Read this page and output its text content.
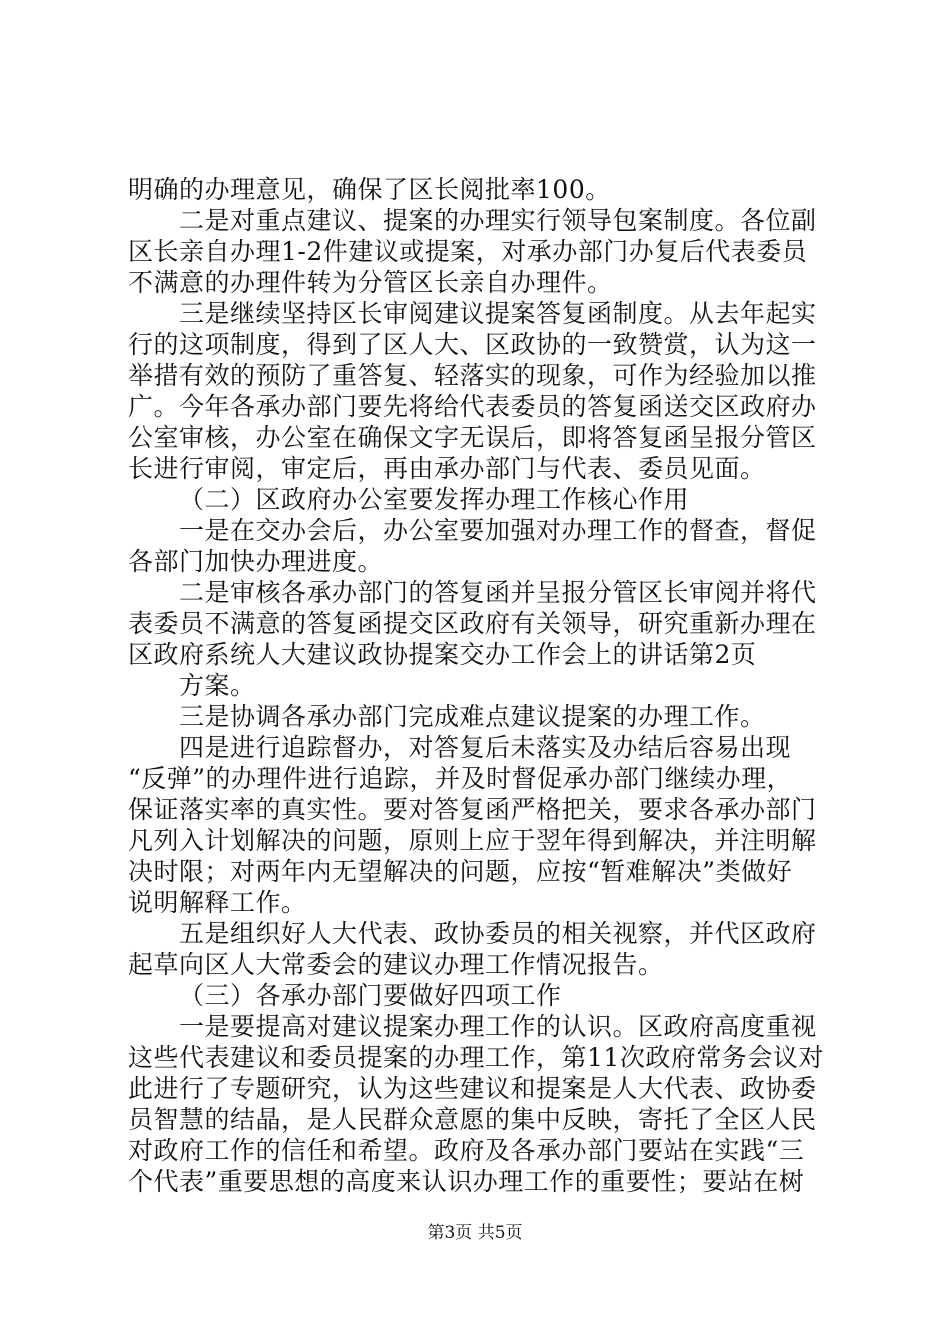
明确的办理意见，确保了区长阅批率100。
二是对重点建议、提案的办理实行领导包案制度。各位副
区长亲自办理1-2件建议或提案，对承办部门办复后代表委员
不满意的办理件转为分管区长亲自办理件。
三是继续坚持区长审阅建议提案答复函制度。从去年起实
行的这项制度，得到了区人大、区政协的一致赞赏，认为这一
举措有效的预防了重答复、轻落实的现象，可作为经验加以推
广。今年各承办部门要先将给代表委员的答复函送交区政府办
公室审核，办公室在确保文字无误后，即将答复函呈报分管区
长进行审阅，审定后，再由承办部门与代表、委员见面。
（二）区政府办公室要发挥办理工作核心作用
一是在交办会后，办公室要加强对办理工作的督查，督促
各部门加快办理进度。
二是审核各承办部门的答复函并呈报分管区长审阅并将代
表委员不满意的答复函提交区政府有关领导，研究重新办理在
区政府系统人大建议政协提案交办工作会上的讲话第2页
方案。
三是协调各承办部门完成难点建议提案的办理工作。
四是进行追踪督办，对答复后未落实及办结后容易出现
“反弹”的办理件进行追踪，并及时督促承办部门继续办理，
保证落实率的真实性。要对答复函严格把关，要求各承办部门
凡列入计划解决的问题，原则上应于翌年得到解决，并注明解
决时限；对两年内无望解决的问题，应按“暂难解决”类做好
说明解释工作。
五是组织好人大代表、政协委员的相关视察，并代区政府
起草向区人大常委会的建议办理工作情况报告。
（三）各承办部门要做好四项工作
一是要提高对建议提案办理工作的认识。区政府高度重视
这些代表建议和委员提案的办理工作，第11次政府常务会议对
此进行了专题研究，认为这些建议和提案是人大代表、政协委
员智慧的结晶，是人民群众意愿的集中反映，寄托了全区人民
对政府工作的信任和希望。政府及各承办部门要站在实践“三
个代表”重要思想的高度来认识办理工作的重要性；要站在树
第3页 共5页
